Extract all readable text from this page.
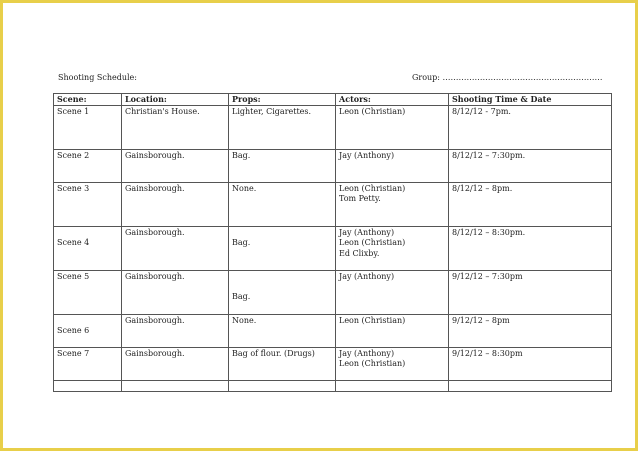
Shooting Schedule:	Group: ……………………………………………………
Scene:	Location:	Props:	Actors:	Shooting Time & Date
Scene 1	Christian's House.	Lighter, Cigarettes.	Leon (Christian)	8/12/12 - 7pm.
Scene 2	Gainsborough.	Bag.	Jay (Anthony)	8/12/12 – 7:30pm.
Scene 3	Gainsborough.	None.	Leon (Christian)
Tom Petty.	8/12/12 – 8pm.

Scene 4	Gainsborough.	Bag.	Jay (Anthony)
Leon (Christian)
Ed Clixby.	8/12/12 – 8:30pm.
Scene 5	Gainsborough.	Bag.	Jay (Anthony)	9/12/12 – 7:30pm

Scene 6	Gainsborough.	None.	Leon (Christian)	9/12/12 – 8pm
Scene 7	Gainsborough.	Bag of flour. (Drugs)	Jay (Anthony)
Leon (Christian)	9/12/12 – 8:30pm
